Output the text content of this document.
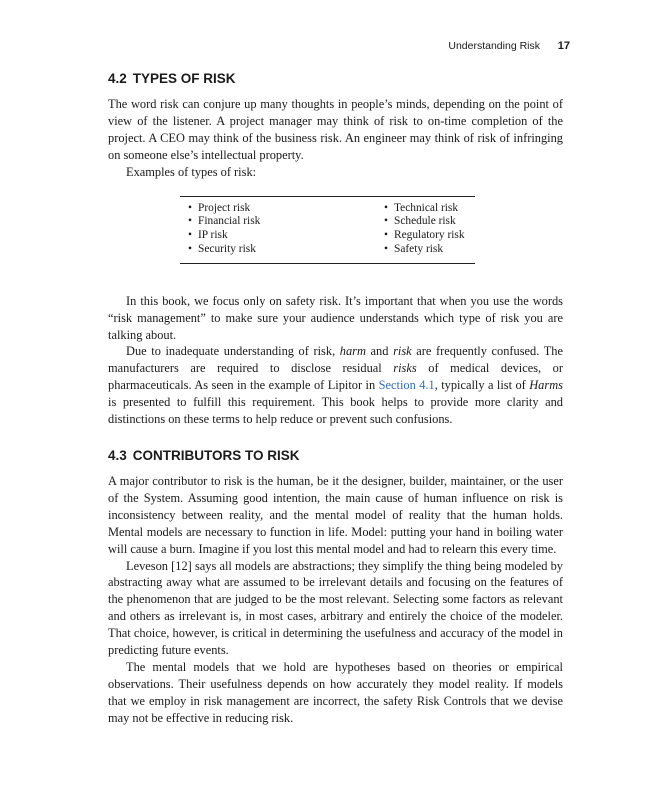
Understanding Risk 17
4.2 TYPES OF RISK

The word risk can conjure up many thoughts in people’s minds, depending on the point of view of the listener. A project manager may think of risk to on-time completion of the project. A CEO may think of the business risk. An engineer may think of risk of infringing on someone else’s intellectual property.

Examples of types of risk:

• Project risk
• Financial risk
• IP risk
• Security risk
• Technical risk
• Schedule risk
• Regulatory risk
• Safety risk

In this book, we focus only on safety risk. It’s important that when you use the words “risk management” to make sure your audience understands which type of risk you are talking about.

Due to inadequate understanding of risk, harm and risk are frequently confused. The manufacturers are required to disclose residual risks of medical devices, or pharmaceuticals. As seen in the example of Lipitor in Section 4.1, typically a list of Harms is presented to fulfill this requirement. This book helps to provide more clarity and distinctions on these terms to help reduce or prevent such confusions.

4.3 CONTRIBUTORS TO RISK

A major contributor to risk is the human, be it the designer, builder, maintainer, or the user of the System. Assuming good intention, the main cause of human influence on risk is inconsistency between reality, and the mental model of reality that the human holds. Mental models are necessary to function in life. Model: putting your hand in boiling water will cause a burn. Imagine if you lost this mental model and had to relearn this every time.

Leveson [12] says all models are abstractions; they simplify the thing being modeled by abstracting away what are assumed to be irrelevant details and focusing on the features of the phenomenon that are judged to be the most relevant. Selecting some factors as relevant and others as irrelevant is, in most cases, arbitrary and entirely the choice of the modeler. That choice, however, is critical in determining the usefulness and accuracy of the model in predicting future events.

The mental models that we hold are hypotheses based on theories or empirical observations. Their usefulness depends on how accurately they model reality. If models that we employ in risk management are incorrect, the safety Risk Controls that we devise may not be effective in reducing risk.
